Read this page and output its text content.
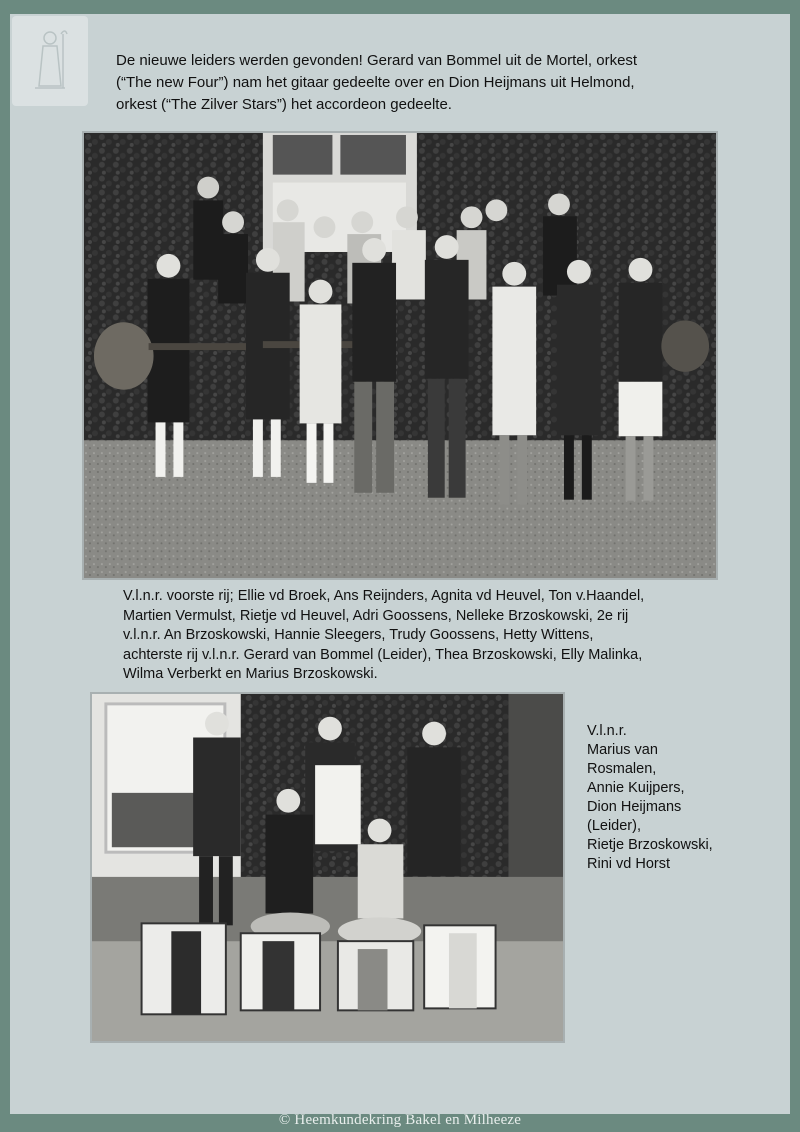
De nieuwe leiders werden gevonden! Gerard van Bommel uit de Mortel, orkest
(“The new Four”) nam het gitaar gedeelte over en Dion Heijmans uit Helmond,
orkest (“The Zilver Stars”) het accordeon gedeelte.
V.l.n.r. voorste rij; Ellie vd Broek, Ans Reijnders, Agnita vd Heuvel, Ton v.Haandel,
Martien Vermulst, Rietje vd Heuvel, Adri Goossens, Nelleke Brzoskowski, 2e rij
v.l.n.r. An Brzoskowski, Hannie Sleegers, Trudy Goossens, Hetty Wittens,
achterste rij v.l.n.r. Gerard van Bommel (Leider), Thea Brzoskowski, Elly Malinka,
Wilma Verberkt en Marius Brzoskowski.
V.l.n.r.
Marius van
Rosmalen,
Annie Kuijpers,
Dion Heijmans
(Leider),
Rietje Brzoskowski,
Rini vd Horst
© Heemkundekring Bakel en Milheeze
